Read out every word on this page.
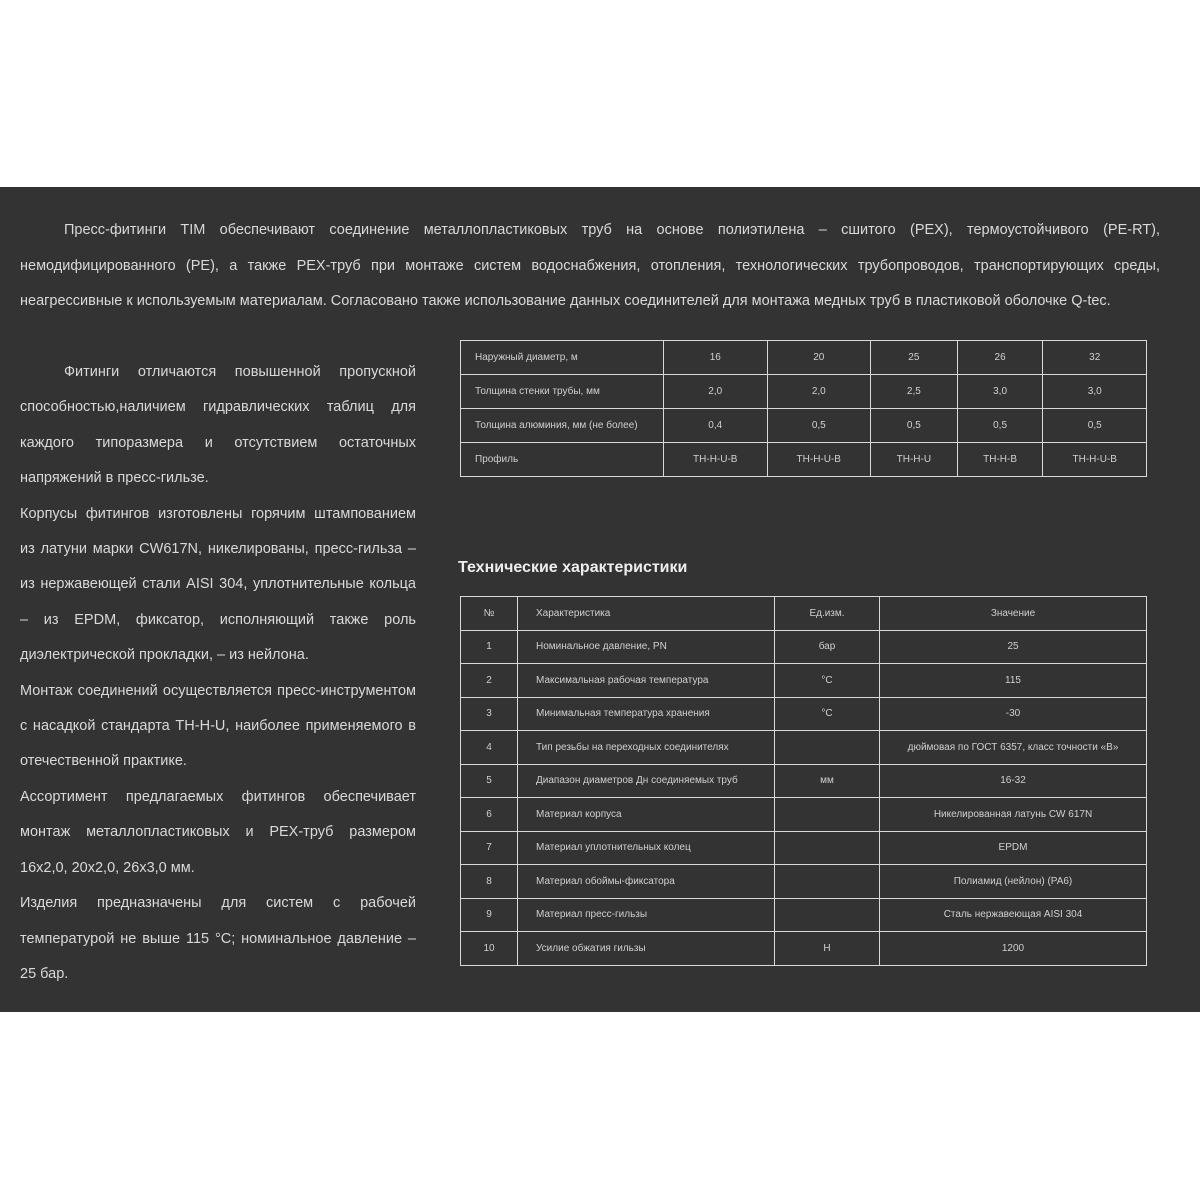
Пресс-фитинги TIM обеспечивают соединение металлопластиковых труб на основе полиэтилена – сшитого (PEX), термоустойчивого (PE-RT), немодифицированного (PE), а также PEX-труб при монтаже систем водоснабжения, отопления, технологических трубопроводов, транспортирующих среды, неагрессивные к используемым материалам. Согласовано также использование данных соединителей для монтажа медных труб в пластиковой оболочке Q-tec.

Фитинги отличаются повышенной пропускной способностью,наличием гидравлических таблиц для каждого типоразмера и отсутствием остаточных напряжений в пресс-гильзе.

Корпусы фитингов изготовлены горячим штампованием из латуни марки CW617N, никелированы, пресс-гильза – из нержавеющей стали AISI 304, уплотнительные кольца – из EPDM, фиксатор, исполняющий также роль диэлектрической прокладки, – из нейлона.

Монтаж соединений осуществляется пресс-инструментом с насадкой стандарта TH-H-U, наиболее применяемого в отечественной практике.

Ассортимент предлагаемых фитингов обеспечивает монтаж металлопластиковых и PEX-труб размером 16х2,0, 20х2,0, 26х3,0 мм.

Изделия предназначены для систем с рабочей температурой не выше 115 °С; номинальное давление – 25 бар.

Наружный диаметр, м	16	20	25	26	32
Толщина стенки трубы, мм	2,0	2,0	2,5	3,0	3,0
Толщина алюминия, мм (не более)	0,4	0,5	0,5	0,5	0,5
Профиль	TH-H-U-B	TH-H-U-B	TH-H-U	TH-H-B	TH-H-U-B
Технические характеристики
№	Характеристика	Ед.изм.	Значение
1	Номинальное давление, PN	бар	25
2	Максимальная рабочая температура	°C	115
3	Минимальная температура хранения	°C	-30
4	Тип резьбы на переходных соединителях		дюймовая по ГОСТ 6357, класс точности «B»
5	Диапазон диаметров Дн соединяемых труб	мм	16-32
6	Материал корпуса		Никелированная латунь CW 617N
7	Материал уплотнительных колец		EPDM
8	Материал обоймы-фиксатора		Полиамид (нейлон) (PA6)
9	Материал пресс-гильзы		Сталь нержавеющая AISI 304
10	Усилие обжатия гильзы	Н	1200
